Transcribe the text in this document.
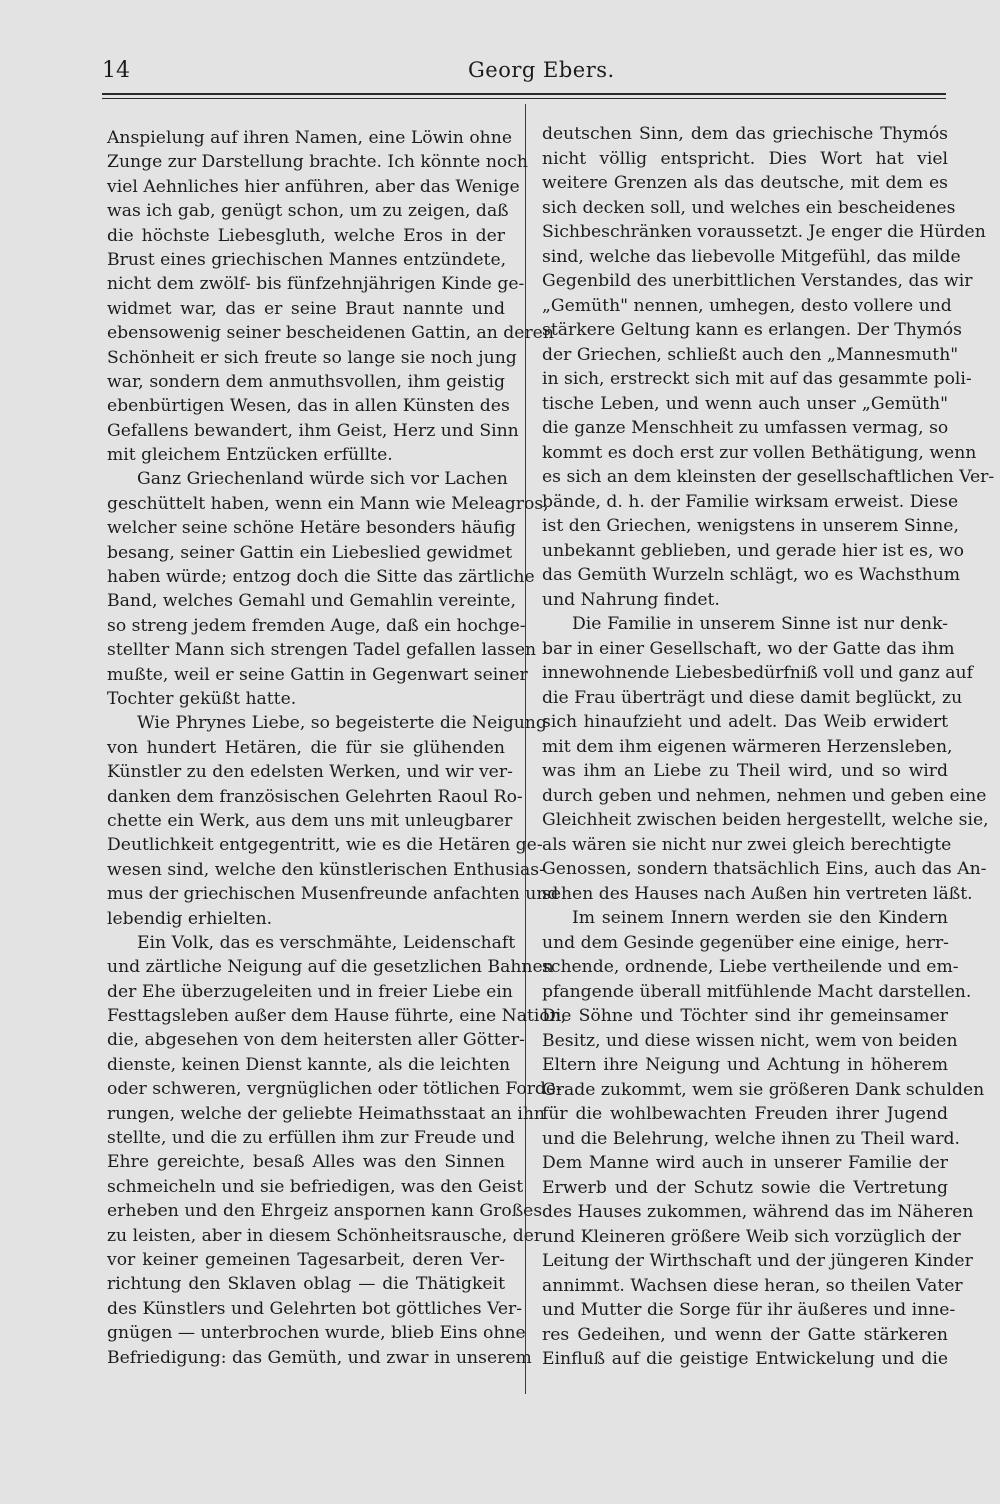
14	Georg Ebers.
Anspielung auf ihren Namen, eine Löwin ohne
Zunge zur Darstellung brachte. Ich könnte noch
viel Aehnliches hier anführen, aber das Wenige
was ich gab, genügt schon, um zu zeigen, daß
die höchste Liebesgluth, welche Eros in der
Brust eines griechischen Mannes entzündete,
nicht dem zwölf- bis fünfzehnjährigen Kinde ge-
widmet war, das er seine Braut nannte und
ebensowenig seiner bescheidenen Gattin, an deren
Schönheit er sich freute so lange sie noch jung
war, sondern dem anmuthsvollen, ihm geistig
ebenbürtigen Wesen, das in allen Künsten des
Gefallens bewandert, ihm Geist, Herz und Sinn
mit gleichem Entzücken erfüllte.
Ganz Griechenland würde sich vor Lachen
geschüttelt haben, wenn ein Mann wie Meleagros,
welcher seine schöne Hetäre besonders häufig
besang, seiner Gattin ein Liebeslied gewidmet
haben würde; entzog doch die Sitte das zärtliche
Band, welches Gemahl und Gemahlin vereinte,
so streng jedem fremden Auge, daß ein hochge-
stellter Mann sich strengen Tadel gefallen lassen
mußte, weil er seine Gattin in Gegenwart seiner
Tochter geküßt hatte.
Wie Phrynes Liebe, so begeisterte die Neigung
von hundert Hetären, die für sie glühenden
Künstler zu den edelsten Werken, und wir ver-
danken dem französischen Gelehrten Raoul Ro-
chette ein Werk, aus dem uns mit unleugbarer
Deutlichkeit entgegentritt, wie es die Hetären ge-
wesen sind, welche den künstlerischen Enthusias-
mus der griechischen Musenfreunde anfachten und
lebendig erhielten.
Ein Volk, das es verschmähte, Leidenschaft
und zärtliche Neigung auf die gesetzlichen Bahnen
der Ehe überzugeleiten und in freier Liebe ein
Festtagsleben außer dem Hause führte, eine Nation,
die, abgesehen von dem heitersten aller Götter-
dienste, keinen Dienst kannte, als die leichten
oder schweren, vergnüglichen oder tötlichen Forde-
rungen, welche der geliebte Heimathsstaat an ihn
stellte, und die zu erfüllen ihm zur Freude und
Ehre gereichte, besaß Alles was den Sinnen
schmeicheln und sie befriedigen, was den Geist
erheben und den Ehrgeiz anspornen kann Großes
zu leisten, aber in diesem Schönheitsrausche, der
vor keiner gemeinen Tagesarbeit, deren Ver-
richtung den Sklaven oblag — die Thätigkeit
des Künstlers und Gelehrten bot göttliches Ver-
gnügen — unterbrochen wurde, blieb Eins ohne
Befriedigung: das Gemüth, und zwar in unserem
deutschen Sinn, dem das griechische Thymós
nicht völlig entspricht. Dies Wort hat viel
weitere Grenzen als das deutsche, mit dem es
sich decken soll, und welches ein bescheidenes
Sichbeschränken voraussetzt. Je enger die Hürden
sind, welche das liebevolle Mitgefühl, das milde
Gegenbild des unerbittlichen Verstandes, das wir
„Gemüth" nennen, umhegen, desto vollere und
stärkere Geltung kann es erlangen. Der Thymós
der Griechen, schließt auch den „Mannesmuth"
in sich, erstreckt sich mit auf das gesammte poli-
tische Leben, und wenn auch unser „Gemüth"
die ganze Menschheit zu umfassen vermag, so
kommt es doch erst zur vollen Bethätigung, wenn
es sich an dem kleinsten der gesellschaftlichen Ver-
bände, d. h. der Familie wirksam erweist. Diese
ist den Griechen, wenigstens in unserem Sinne,
unbekannt geblieben, und gerade hier ist es, wo
das Gemüth Wurzeln schlägt, wo es Wachsthum
und Nahrung findet.
Die Familie in unserem Sinne ist nur denk-
bar in einer Gesellschaft, wo der Gatte das ihm
innewohnende Liebesbedürfniß voll und ganz auf
die Frau überträgt und diese damit beglückt, zu
sich hinaufzieht und adelt. Das Weib erwidert
mit dem ihm eigenen wärmeren Herzensleben,
was ihm an Liebe zu Theil wird, und so wird
durch geben und nehmen, nehmen und geben eine
Gleichheit zwischen beiden hergestellt, welche sie,
als wären sie nicht nur zwei gleich berechtigte
Genossen, sondern thatsächlich Eins, auch das An-
sehen des Hauses nach Außen hin vertreten läßt.
Im seinem Innern werden sie den Kindern
und dem Gesinde gegenüber eine einige, herr-
schende, ordnende, Liebe vertheilende und em-
pfangende überall mitfühlende Macht darstellen.
Die Söhne und Töchter sind ihr gemeinsamer
Besitz, und diese wissen nicht, wem von beiden
Eltern ihre Neigung und Achtung in höherem
Grade zukommt, wem sie größeren Dank schulden
für die wohlbewachten Freuden ihrer Jugend
und die Belehrung, welche ihnen zu Theil ward.
Dem Manne wird auch in unserer Familie der
Erwerb und der Schutz sowie die Vertretung
des Hauses zukommen, während das im Näheren
und Kleineren größere Weib sich vorzüglich der
Leitung der Wirthschaft und der jüngeren Kinder
annimmt. Wachsen diese heran, so theilen Vater
und Mutter die Sorge für ihr äußeres und inne-
res Gedeihen, und wenn der Gatte stärkeren
Einfluß auf die geistige Entwickelung und die
